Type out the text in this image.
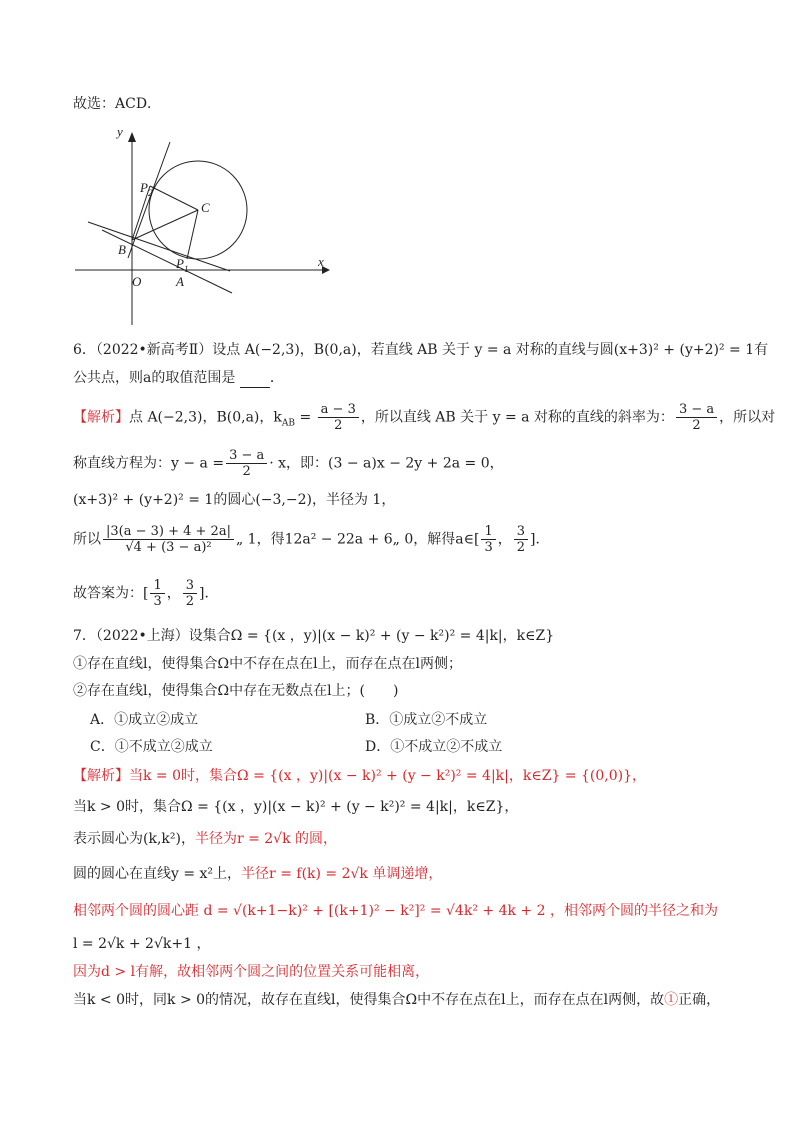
故选：ACD．
y
x
O	A
B
C
P 2
P 1
6．（2022•新高考Ⅱ）设点 A(−2,3)，B(0,a)，若直线 AB 关于 y = a 对称的直线与圆(x+3)² + (y+2)² = 1有
公共点，则a的取值范围是 ．
【解析】点 A(−2,3)，B(0,a)，$k_{AB} = \frac{a - 3}{2}$ ，所以直线 AB 关于 y = a 对称的直线的斜率为： $\frac{3 - a}{2}$ ，所以对
称直线方程为：$y - a = \frac{3 - a}{2} \cdot x$，即：(3 − a)x − 2y + 2a = 0，
(x+3)² + (y+2)² = 1的圆心(−3,−2)，半径为 1，
所以 $\frac{|3(a - 3) + 4 + 2a|}{\text{√4 + (3 − a)²}}$ „ 1，得12a² − 22a + 6„ 0，解得a∈[ $\frac{1}{3}$ ， $\frac{3}{2}$ ]．
故答案为：[ $\frac{1}{3}$ ， $\frac{3}{2}$ ]．
7．（2022•上海）设集合Ω = {(x ，y)|(x − k)² + (y − k²)² = 4|k|，k∈Z}
①存在直线l，使得集合Ω中不存在点在l上，而存在点在l两侧；
②存在直线l，使得集合Ω中存在无数点在l上；(　　)
A．①成立②成立	B．①成立②不成立
C．①不成立②成立	D．①不成立②不成立
【解析】当k = 0时，集合Ω = {(x ，y)|(x − k)² + (y − k²)² = 4|k|，k∈Z} = {(0,0)}，
当k > 0时，集合Ω = {(x ，y)|(x − k)² + (y − k²)² = 4|k|，k∈Z}，
表示圆心为(k,k²)，半径为r = 2√k 的圆，
圆的圆心在直线y = x²上，半径r = f(k) = 2√k 单调递增，
相邻两个圆的圆心距 d = √(k+1−k)² + [(k+1)² − k²]² = √4k² + 4k + 2 ，相邻两个圆的半径之和为
l = 2√k + 2√k+1 ，
因为d > l有解，故相邻两个圆之间的位置关系可能相离，
当k < 0时，同k > 0的情况，故存在直线l，使得集合Ω中不存在点在l上，而存在点在l两侧，故①正确，
